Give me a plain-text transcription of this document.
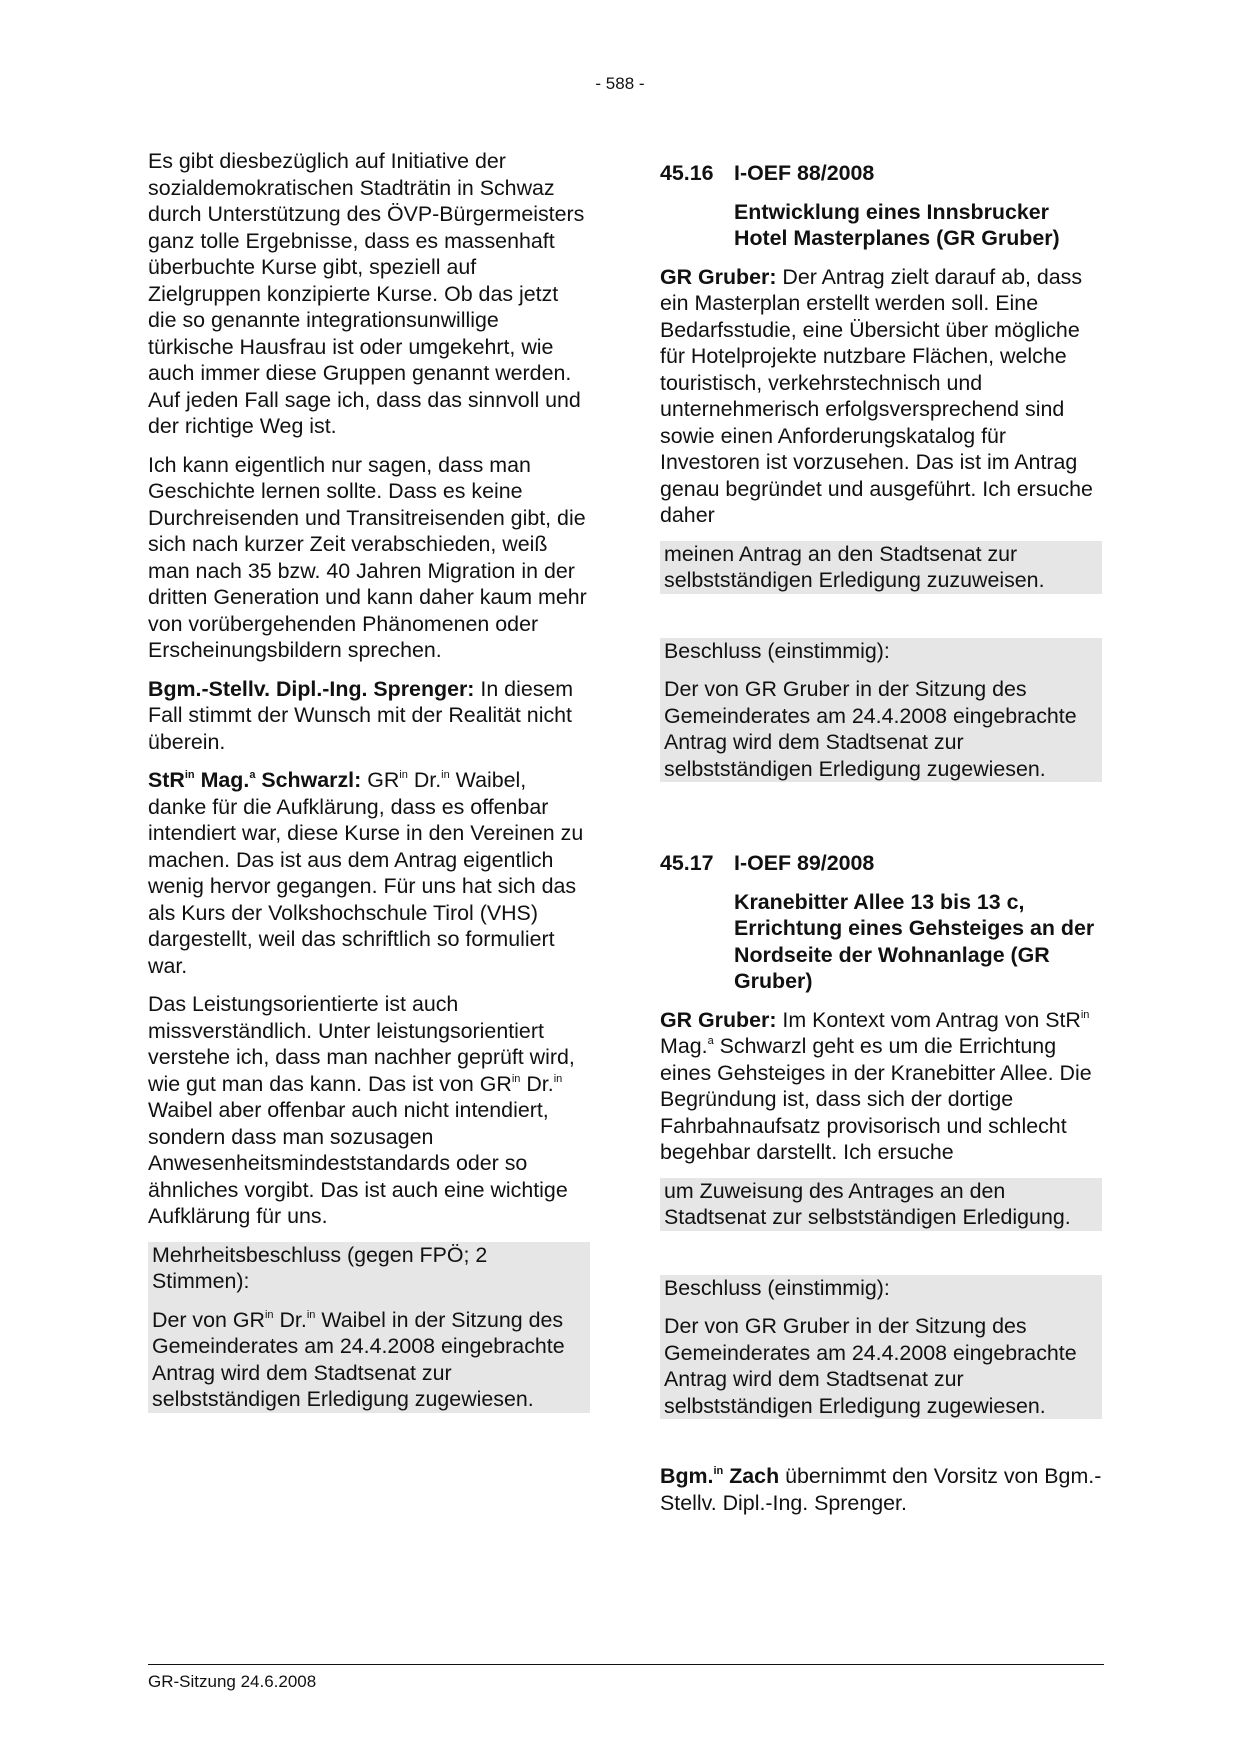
- 588 -

Es gibt diesbezüglich auf Initiative der sozialdemokratischen Stadträtin in Schwaz durch Unterstützung des ÖVP-Bürgermeisters ganz tolle Ergebnisse, dass es massenhaft überbuchte Kurse gibt, speziell auf Zielgruppen konzipierte Kurse. Ob das jetzt die so genannte integrationsunwillige türkische Hausfrau ist oder umgekehrt, wie auch immer diese Gruppen genannt werden. Auf jeden Fall sage ich, dass das sinnvoll und der richtige Weg ist.

Ich kann eigentlich nur sagen, dass man Geschichte lernen sollte. Dass es keine Durchreisenden und Transitreisenden gibt, die sich nach kurzer Zeit verabschieden, weiß man nach 35 bzw. 40 Jahren Migration in der dritten Generation und kann daher kaum mehr von vorübergehenden Phänomenen oder Erscheinungsbildern sprechen.

Bgm.-Stellv. Dipl.-Ing. Sprenger: In diesem Fall stimmt der Wunsch mit der Realität nicht überein.

StR$^{in}$ Mag.$^a$ Schwarzl: $GR^{in}$ Dr.$^{in}$ Waibel, danke für die Aufklärung, dass es offenbar intendiert war, diese Kurse in den Vereinen zu machen. Das ist aus dem Antrag eigentlich wenig hervor gegangen. Für uns hat sich das als Kurs der Volkshochschule Tirol (VHS) dargestellt, weil das schriftlich so formuliert war.

Das Leistungsorientierte ist auch missverständlich. Unter leistungsorientiert verstehe ich, dass man nachher geprüft wird, wie gut man das kann. Das ist von $GR^{in}$ Dr.$^{in}$ Waibel aber offenbar auch nicht intendiert, sondern dass man sozusagen Anwesenheitsmindeststandards oder so ähnliches vorgibt. Das ist auch eine wichtige Aufklärung für uns.

Mehrheitsbeschluss (gegen FPÖ; 2 Stimmen):

Der von $GR^{in}$ Dr.$^{in}$ Waibel in der Sitzung des Gemeinderates am 24.4.2008 eingebrachte Antrag wird dem Stadtsenat zur selbstständigen Erledigung zugewiesen.

45.16 I-OEF 88/2008
Entwicklung eines Innsbrucker Hotel Masterplanes (GR Gruber)

GR Gruber: Der Antrag zielt darauf ab, dass ein Masterplan erstellt werden soll. Eine Bedarfsstudie, eine Übersicht über mögliche für Hotelprojekte nutzbare Flächen, welche touristisch, verkehrstechnisch und unternehmerisch erfolgsversprechend sind sowie einen Anforderungskatalog für Investoren ist vorzusehen. Das ist im Antrag genau begründet und ausgeführt. Ich ersuche daher

meinen Antrag an den Stadtsenat zur selbstständigen Erledigung zuzuweisen.

Beschluss (einstimmig):

Der von GR Gruber in der Sitzung des Gemeinderates am 24.4.2008 eingebrachte Antrag wird dem Stadtsenat zur selbstständigen Erledigung zugewiesen.

45.17 I-OEF 89/2008
Kranebitter Allee 13 bis 13 c, Errichtung eines Gehsteiges an der Nordseite der Wohnanlage (GR Gruber)

GR Gruber: Im Kontext vom Antrag von StR$^{in}$ Mag.$^a$ Schwarzl geht es um die Errichtung eines Gehsteiges in der Kranebitter Allee. Die Begründung ist, dass sich der dortige Fahrbahnaufsatz provisorisch und schlecht begehbar darstellt. Ich ersuche

um Zuweisung des Antrages an den Stadtsenat zur selbstständigen Erledigung.

Beschluss (einstimmig):

Der von GR Gruber in der Sitzung des Gemeinderates am 24.4.2008 eingebrachte Antrag wird dem Stadtsenat zur selbstständigen Erledigung zugewiesen.

Bgm.$^{in}$ Zach übernimmt den Vorsitz von Bgm.-Stellv. Dipl.-Ing. Sprenger.

GR-Sitzung 24.6.2008
